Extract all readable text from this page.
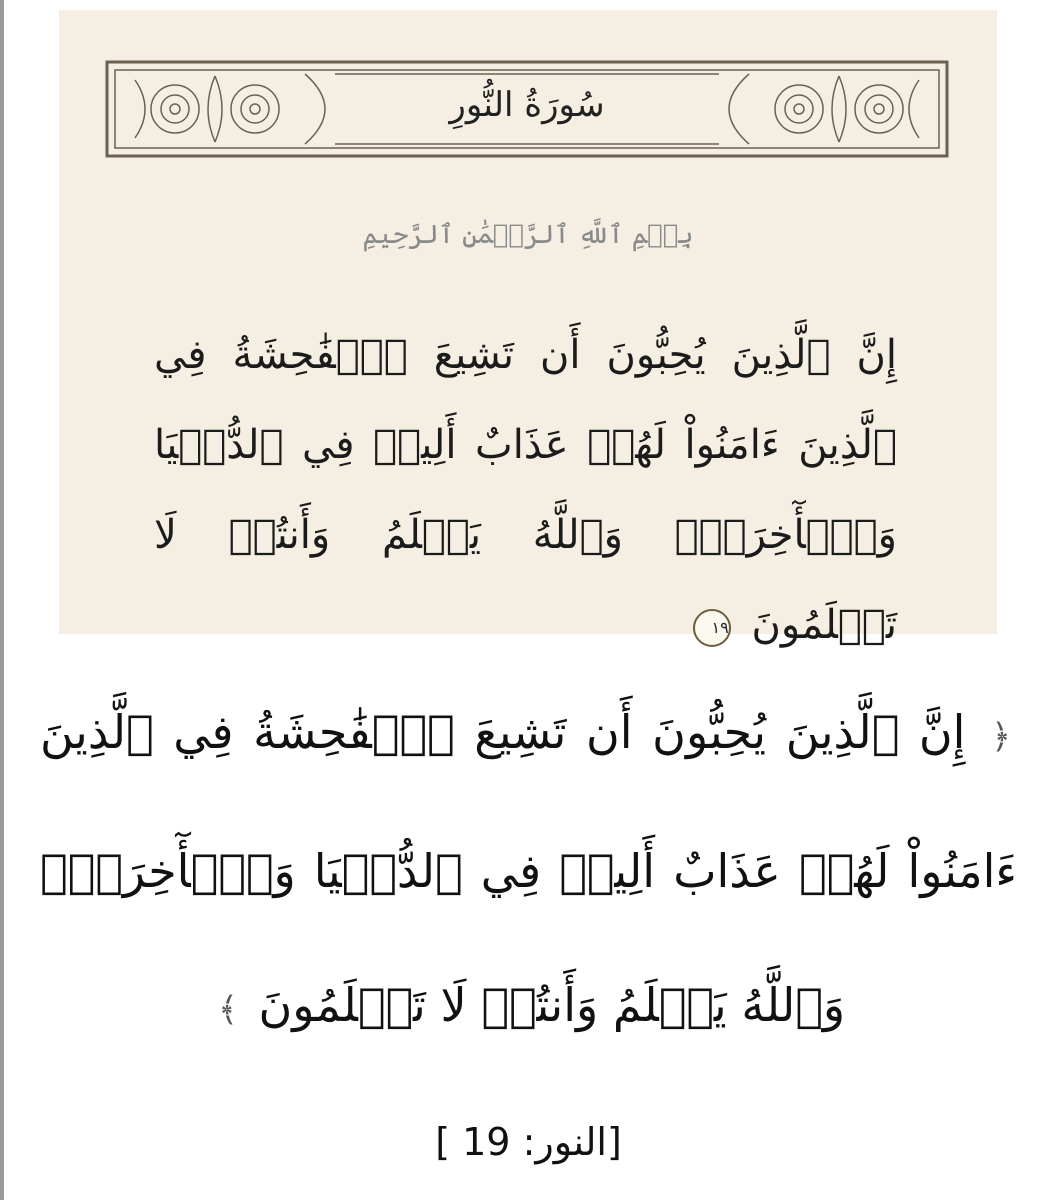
سُورَةُ النُّورِ
بِسۡمِ ٱللَّهِ ٱلرَّحۡمَٰنِ ٱلرَّحِيمِ
إِنَّ ٱلَّذِينَ يُحِبُّونَ أَن تَشِيعَ ٱلۡفَٰحِشَةُ فِي ٱلَّذِينَ ءَامَنُواْ لَهُمۡ عَذَابٌ أَلِيمٞ فِي ٱلدُّنۡيَا وَٱلۡأٓخِرَةِۚ وَٱللَّهُ يَعۡلَمُ وَأَنتُمۡ لَا تَعۡلَمُونَ ١٩
﴿ إِنَّ ٱلَّذِينَ يُحِبُّونَ أَن تَشِيعَ ٱلۡفَٰحِشَةُ فِي ٱلَّذِينَ ءَامَنُواْ لَهُمۡ عَذَابٌ أَلِيمٞ فِي ٱلدُّنۡيَا وَٱلۡأٓخِرَةِۚ وَٱللَّهُ يَعۡلَمُ وَأَنتُمۡ لَا تَعۡلَمُونَ ﴾
[ النور: 19]
